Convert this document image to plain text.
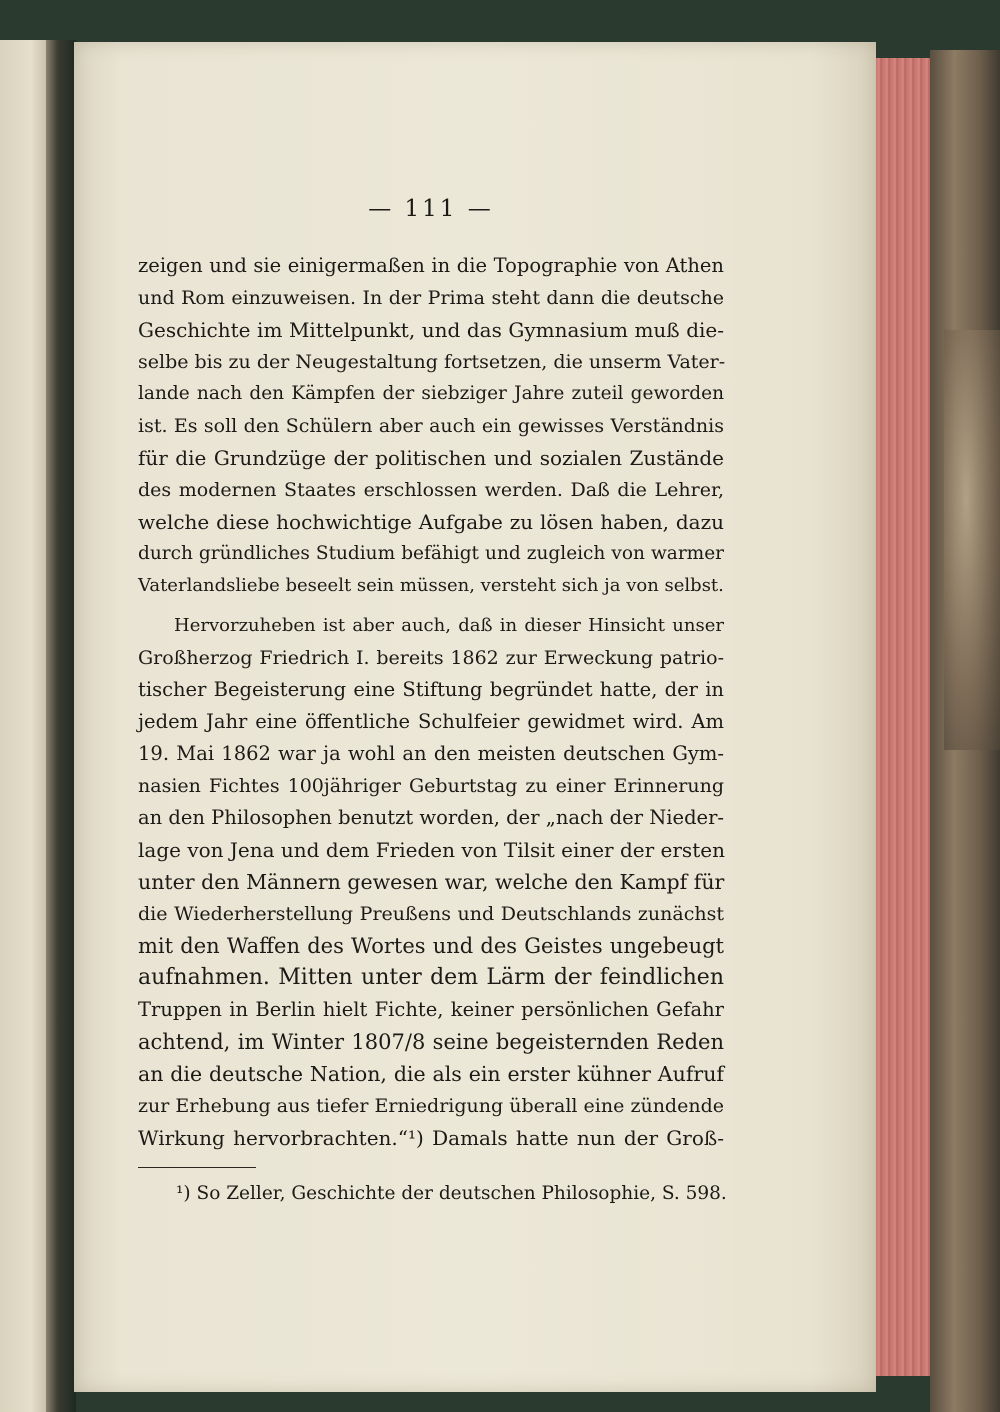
— 111 —
zeigen und sie einigermaßen in die Topographie von Athen
und Rom einzuweisen. In der Prima steht dann die deutsche
Geschichte im Mittelpunkt, und das Gymnasium muß die-
selbe bis zu der Neugestaltung fortsetzen, die unserm Vater-
lande nach den Kämpfen der siebziger Jahre zuteil geworden
ist. Es soll den Schülern aber auch ein gewisses Verständnis
für die Grundzüge der politischen und sozialen Zustände
des modernen Staates erschlossen werden. Daß die Lehrer,
welche diese hochwichtige Aufgabe zu lösen haben, dazu
durch gründliches Studium befähigt und zugleich von warmer
Vaterlandsliebe beseelt sein müssen, versteht sich ja von selbst.
Hervorzuheben ist aber auch, daß in dieser Hinsicht unser
Großherzog Friedrich I. bereits 1862 zur Erweckung patrio-
tischer Begeisterung eine Stiftung begründet hatte, der in
jedem Jahr eine öffentliche Schulfeier gewidmet wird. Am
19. Mai 1862 war ja wohl an den meisten deutschen Gym-
nasien Fichtes 100jähriger Geburtstag zu einer Erinnerung
an den Philosophen benutzt worden, der „nach der Nieder-
lage von Jena und dem Frieden von Tilsit einer der ersten
unter den Männern gewesen war, welche den Kampf für
die Wiederherstellung Preußens und Deutschlands zunächst
mit den Waffen des Wortes und des Geistes ungebeugt
aufnahmen. Mitten unter dem Lärm der feindlichen
Truppen in Berlin hielt Fichte, keiner persönlichen Gefahr
achtend, im Winter 1807/8 seine begeisternden Reden
an die deutsche Nation, die als ein erster kühner Aufruf
zur Erhebung aus tiefer Erniedrigung überall eine zündende
Wirkung hervorbrachten.“¹) Damals hatte nun der Groß-
¹) So Zeller, Geschichte der deutschen Philosophie, S. 598.
